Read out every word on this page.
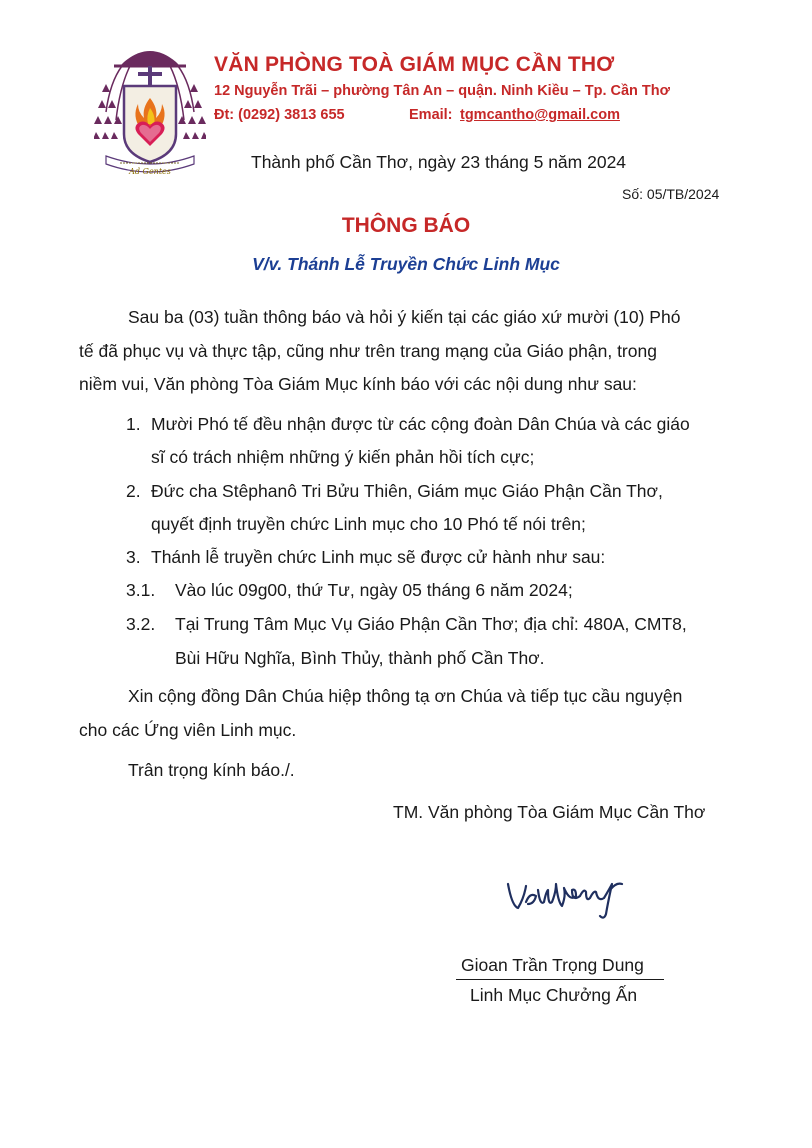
Ad Gentes
VĂN PHÒNG TOÀ GIÁM MỤC CẦN THƠ
12 Nguyễn Trãi – phường Tân An – quận. Ninh Kiều – Tp. Cần Thơ
Đt: (0292) 3813 655	Email: tgmcantho@gmail.com
Thành phố Cần Thơ, ngày 23 tháng 5 năm 2024
Số: 05/TB/2024
THÔNG BÁO
V/v. Thánh Lễ Truyền Chức Linh Mục
Sau ba (03) tuần thông báo và hỏi ý kiến tại các giáo xứ mười (10) Phó
tế đã phục vụ và thực tập, cũng như trên trang mạng của Giáo phận, trong
niềm vui, Văn phòng Tòa Giám Mục kính báo với các nội dung như sau:
1. Mười Phó tế đều nhận được từ các cộng đoàn Dân Chúa và các giáo
sĩ có trách nhiệm những ý kiến phản hồi tích cực;
2. Đức cha Stêphanô Tri Bửu Thiên, Giám mục Giáo Phận Cần Thơ,
quyết định truyền chức Linh mục cho 10 Phó tế nói trên;
3. Thánh lễ truyền chức Linh mục sẽ được cử hành như sau:
3.1. Vào lúc 09g00, thứ Tư, ngày 05 tháng 6 năm 2024;
3.2. Tại Trung Tâm Mục Vụ Giáo Phận Cần Thơ; địa chỉ: 480A, CMT8,
Bùi Hữu Nghĩa, Bình Thủy, thành phố Cần Thơ.
Xin cộng đồng Dân Chúa hiệp thông tạ ơn Chúa và tiếp tục cầu nguyện
cho các Ứng viên Linh mục.
Trân trọng kính báo./.
TM. Văn phòng Tòa Giám Mục Cần Thơ
Gioan Trần Trọng Dung
Linh Mục Chưởng Ấn
